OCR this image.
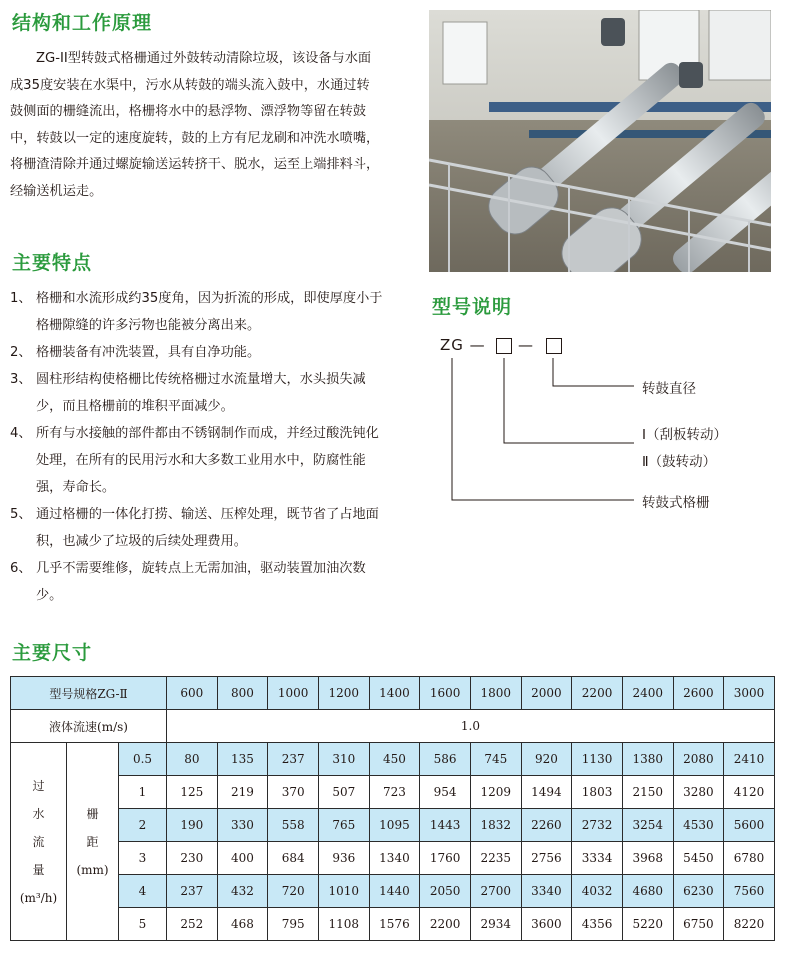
结构和工作原理

ZG-II型转鼓式格栅通过外鼓转动清除垃圾，该设备与水面成35度安装在水渠中，污水从转鼓的端头流入鼓中，水通过转鼓侧面的栅缝流出，格栅将水中的悬浮物、漂浮物等留在转鼓中，转鼓以一定的速度旋转，鼓的上方有尼龙刷和冲洗水喷嘴，将栅渣清除并通过螺旋输送运转挤干、脱水，运至上端排料斗，经输送机运走。

主要特点
1、 格栅和水流形成约35度角，因为折流的形成，即使厚度小于格栅隙缝的许多污物也能被分离出来。
2、 格栅装备有冲洗装置，具有自净功能。
3、 圆柱形结构使格栅比传统格栅过水流量增大，水头损失减少，而且格栅前的堆积平面减少。
4、 所有与水接触的部件都由不锈钢制作而成，并经过酸洗钝化处理，在所有的民用污水和大多数工业用水中，防腐性能强，寿命长。
5、 通过格栅的一体化打捞、输送、压榨处理，既节省了占地面积，也减少了垃圾的后续处理费用。
6、 几乎不需要维修，旋转点上无需加油，驱动装置加油次数少。
型号说明
ZG — —
转鼓直径
Ⅰ（刮板转动）
Ⅱ（鼓转动）
转鼓式格栅
主要尺寸
型号规格ZG-Ⅱ			600	800	1000	1200	1400	1600	1800	2000	2200	2400	2600	3000
液体流速(m/s)			1.0											
过
水
流
量
(m³/h)	栅
距
(mm)	0.5	80	135	237	310	450	586	745	920	1130	1380	2080	2410
		1	125	219	370	507	723	954	1209	1494	1803	2150	3280	4120
		2	190	330	558	765	1095	1443	1832	2260	2732	3254	4530	5600
		3	230	400	684	936	1340	1760	2235	2756	3334	3968	5450	6780
		4	237	432	720	1010	1440	2050	2700	3340	4032	4680	6230	7560
		5	252	468	795	1108	1576	2200	2934	3600	4356	5220	6750	8220
